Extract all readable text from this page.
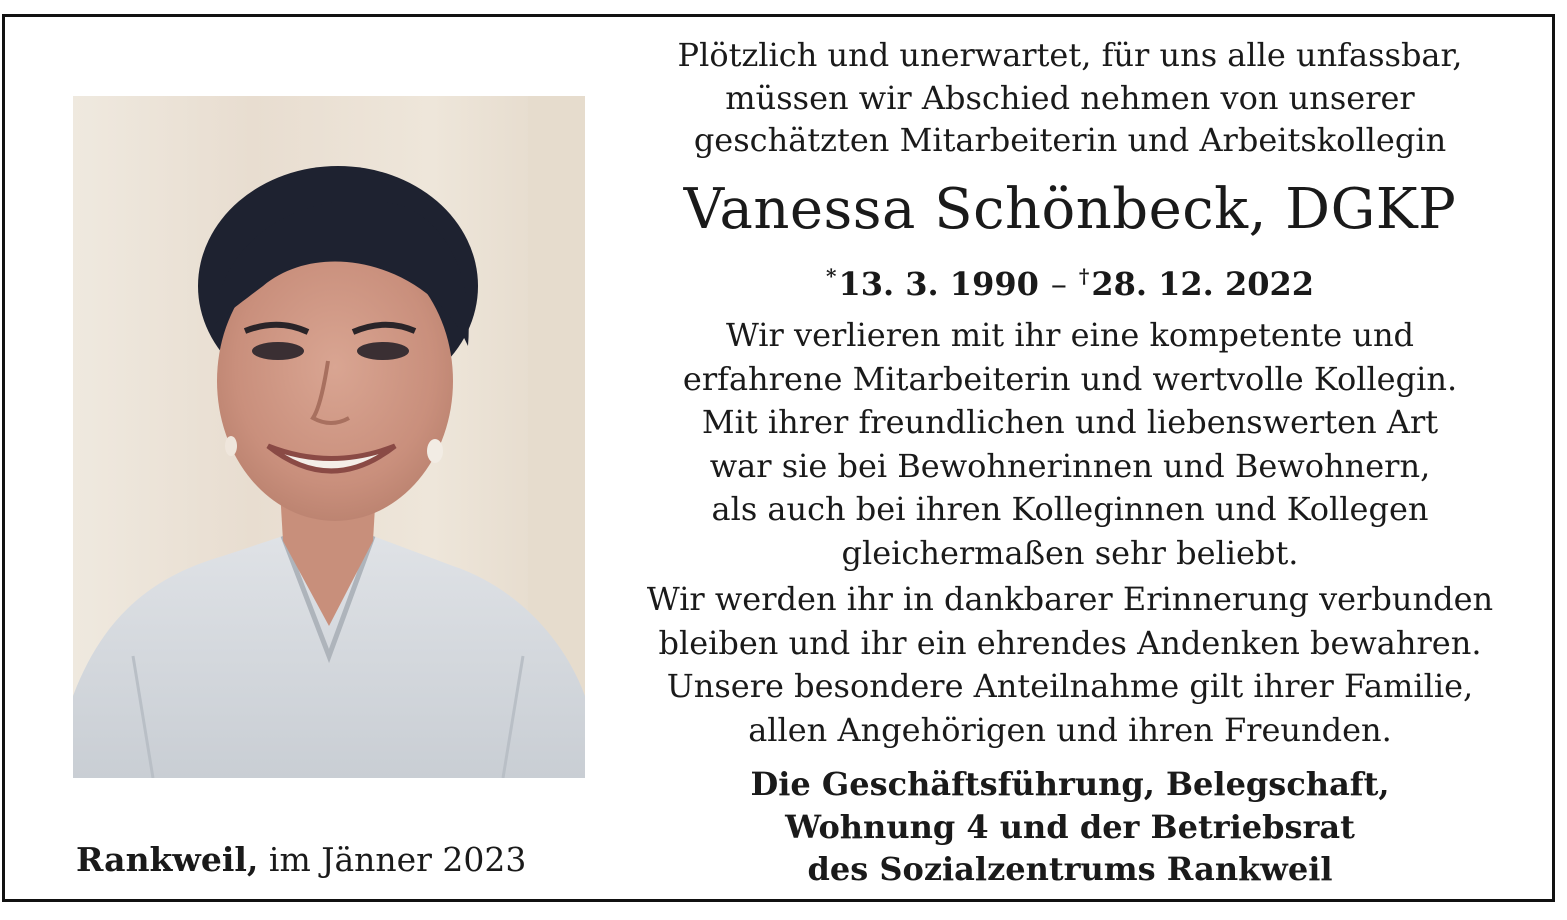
Rankweil, im Jänner 2023
Plötzlich und unerwartet, für uns alle unfassbar,
müssen wir Abschied nehmen von unserer
geschätzten Mitarbeiterin und Arbeitskollegin
Vanessa Schönbeck, DGKP
*13. 3. 1990 – †28. 12. 2022
Wir verlieren mit ihr eine kompetente und
erfahrene Mitarbeiterin und wertvolle Kollegin.
Mit ihrer freundlichen und liebenswerten Art
war sie bei Bewohnerinnen und Bewohnern,
als auch bei ihren Kolleginnen und Kollegen
gleichermaßen sehr beliebt.
Wir werden ihr in dankbarer Erinnerung verbunden
bleiben und ihr ein ehrendes Andenken bewahren.
Unsere besondere Anteilnahme gilt ihrer Familie,
allen Angehörigen und ihren Freunden.
Die Geschäftsführung, Belegschaft,
Wohnung 4 und der Betriebsrat
des Sozialzentrums Rankweil
